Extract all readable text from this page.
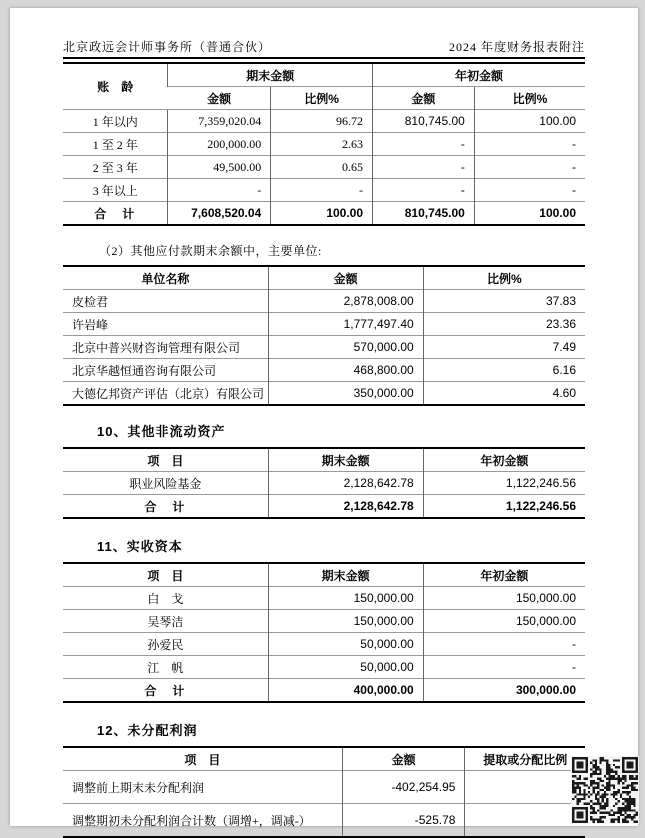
北京政远会计师事务所（普通合伙）	2024 年度财务报表附注
账　龄	期末金额		年初金额	
	金额	比例%	金额	比例%
1 年以内	7,359,020.04	96.72	810,745.00	100.00
1 至 2 年	200,000.00	2.63	-	-
2 至 3 年	49,500.00	0.65	-	-
3 年以上	-	-	-	-
合　计	7,608,520.04	100.00	810,745.00	100.00
（2）其他应付款期末余额中，主要单位:
单位名称	金额	比例%
皮检君	2,878,008.00	37.83
许岩峰	1,777,497.40	23.36
北京中普兴财咨询管理有限公司	570,000.00	7.49
北京华越恒通咨询有限公司	468,800.00	6.16
大德亿邦资产评估（北京）有限公司	350,000.00	4.60
10、其他非流动资产
项　目	期末金额	年初金额
职业风险基金	2,128,642.78	1,122,246.56
合　计	2,128,642.78	1,122,246.56
11、实收资本
项　目	期末金额	年初金额
白　戈	150,000.00	150,000.00
吴琴洁	150,000.00	150,000.00
孙爱民	50,000.00	-
江　帆	50,000.00	-
合　计	400,000.00	300,000.00
12、未分配利润
项　目	金额	提取或分配比例
调整前上期末未分配利润	-402,254.95	
调整期初未分配利润合计数（调增+，调减-）	-525.78	
